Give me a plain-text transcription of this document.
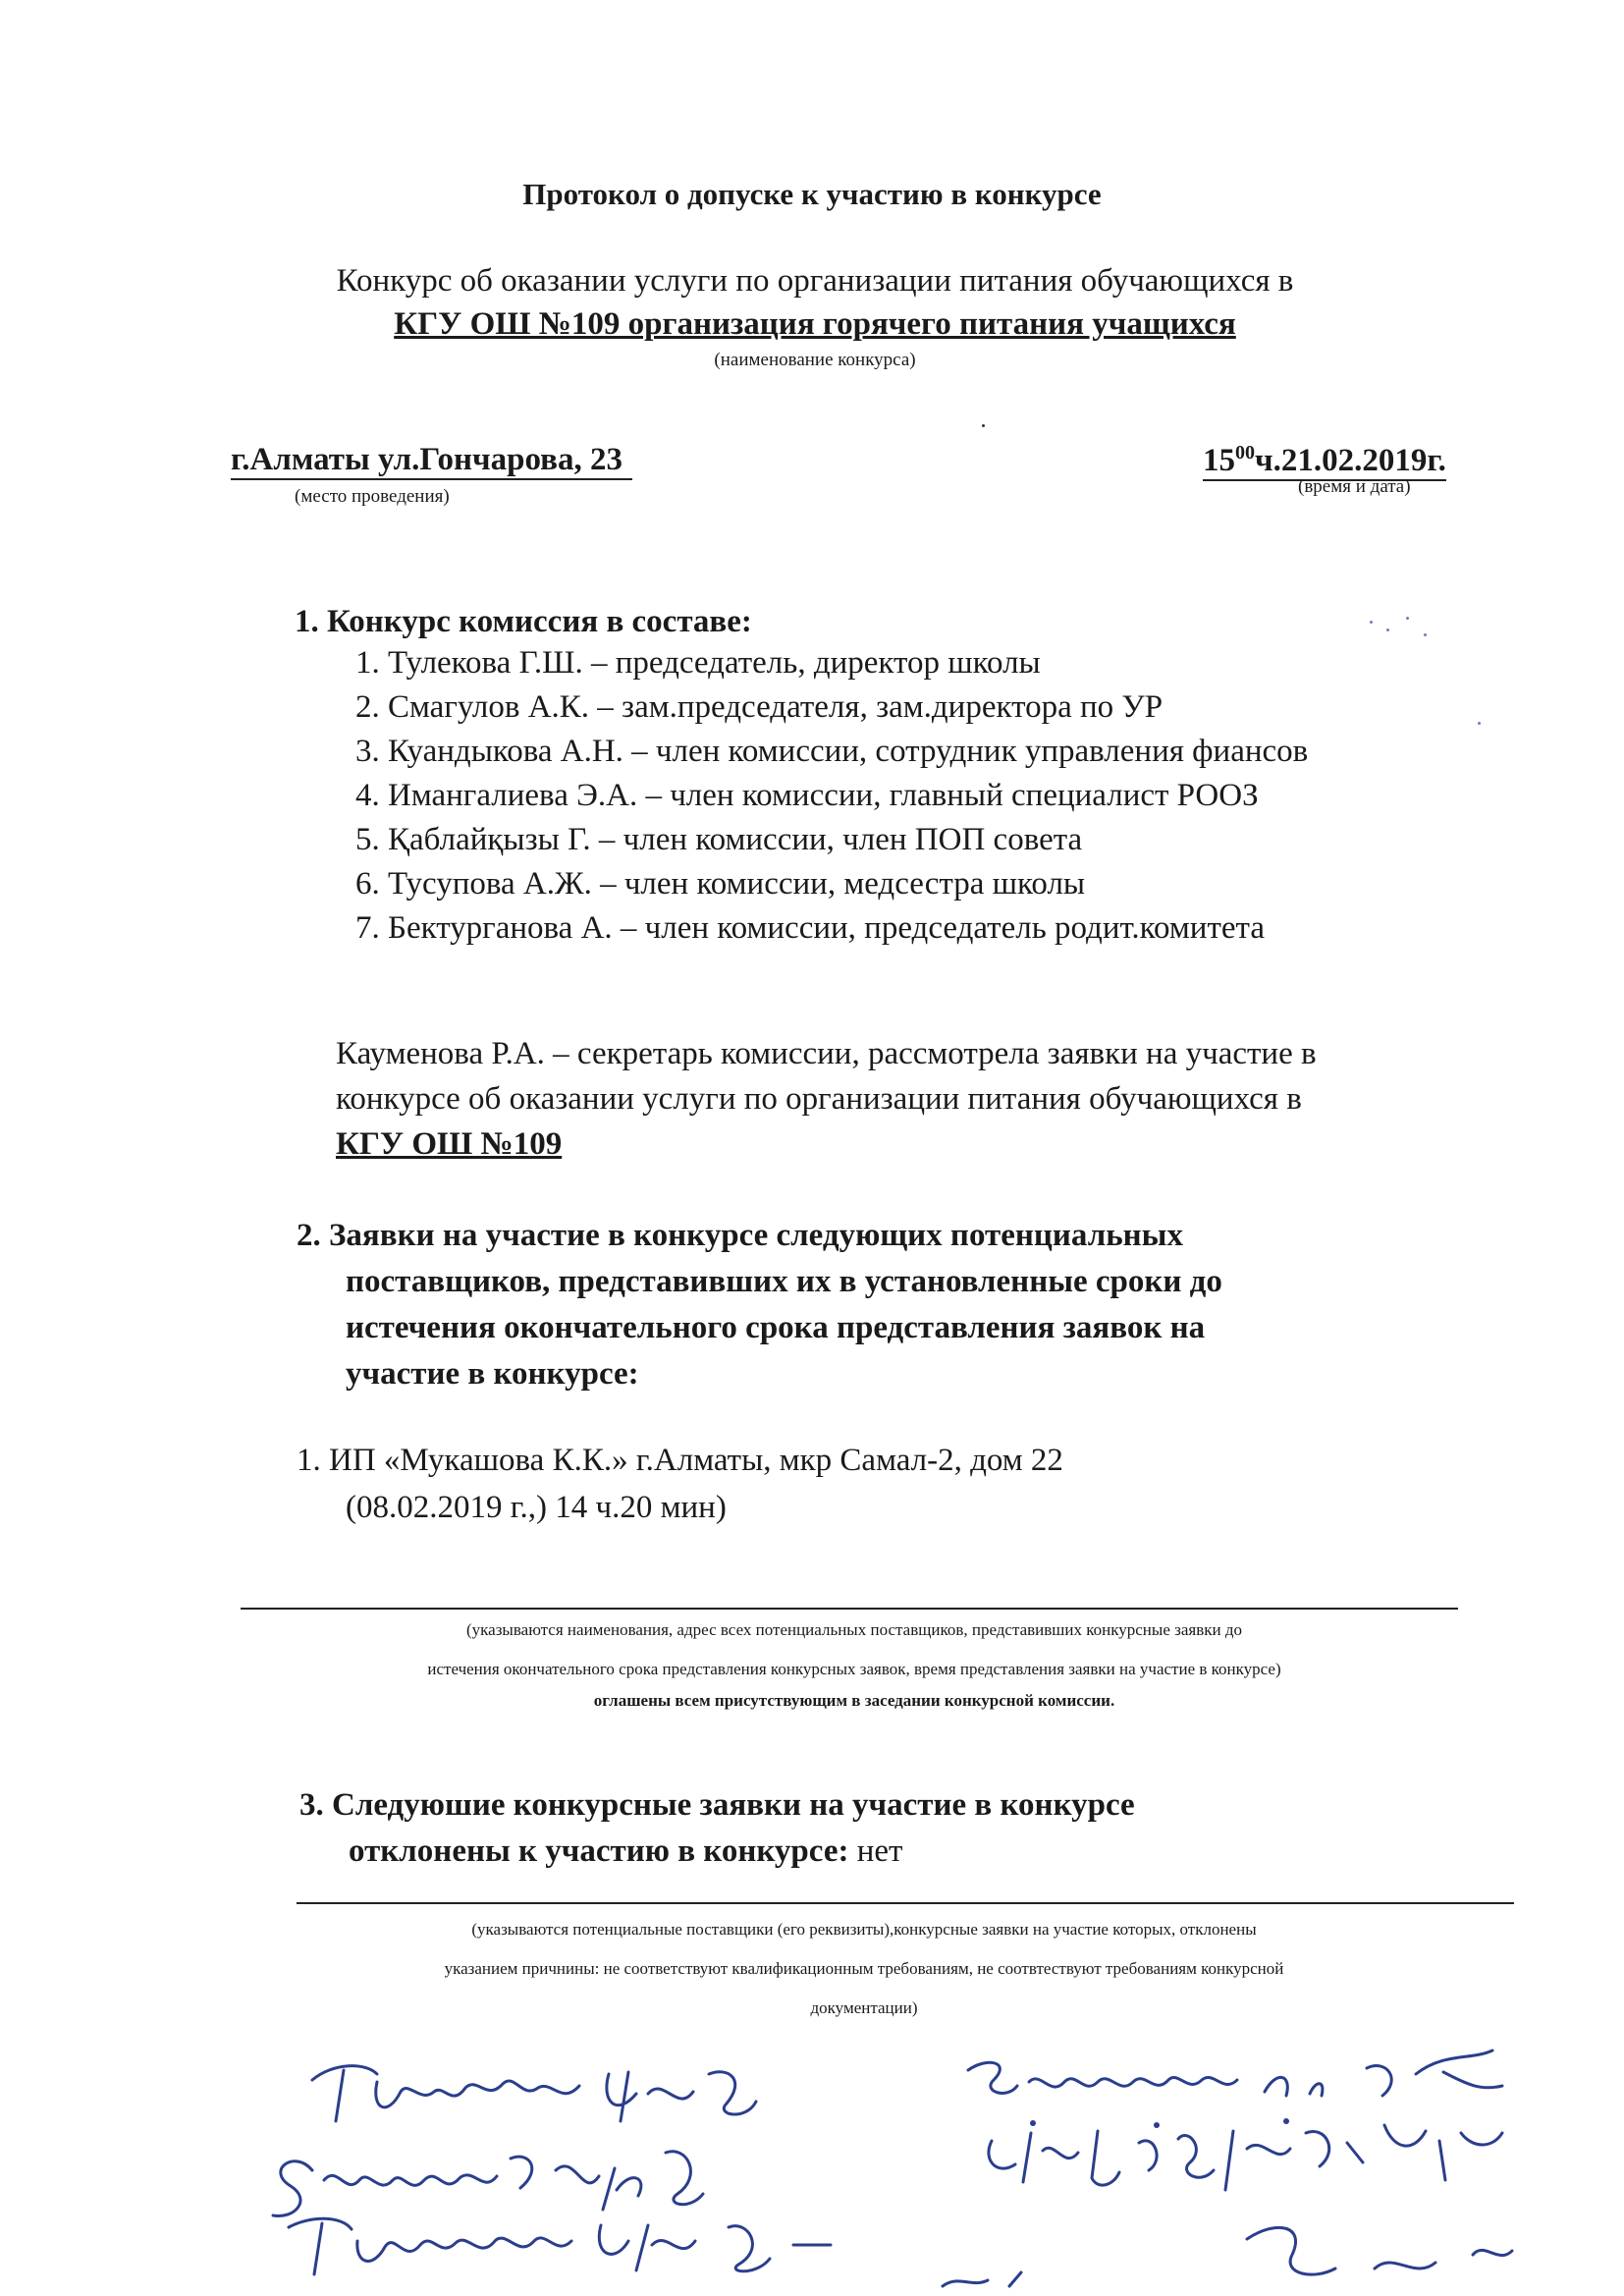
Протокол о допуске к участию в конкурсе
Конкурс об оказании услуги по организации питания обучающихся в
КГУ ОШ №109 организация горячего питания учащихся
(наименование конкурса)
г.Алматы ул.Гончарова, 23
(место проведения)
$15^{00}ч.21.02.2019г$.
(время и дата)
1. Конкурс комиссия в составе:
1. Тулекова Г.Ш. – председатель, директор школы
2. Смагулов А.К. – зам.председателя, зам.директора по УР
3. Куандыкова А.Н. – член комиссии, сотрудник управления фианcов
4. Имангалиева Э.А. – член комиссии, главный специалист РООЗ
5. Қаблайқызы Г. – член комиссии, член ПОП совета
6. Тусупова А.Ж. – член комиссии, медсестра школы
7. Бектурганова А. – член комиссии, председатель родит.комитета
Кауменова Р.А. – секретарь комиссии, рассмотрела заявки на участие в
конкурсе об оказании услуги по организации питания обучающихся в
КГУ ОШ №109
2. Заявки на участие в конкурсе следующих потенциальных
поставщиков, представивших их в установленные сроки до
истечения окончательного срока представления заявок на
участие в конкурсе:
1. ИП «Мукашова К.К.» г.Алматы, мкр Самал-2, дом 22
(08.02.2019 г.,) 14 ч.20 мин)
(указываются наименования, адрес всех потенциальных поставщиков, представивших конкурсные заявки до
истечения окончательного срока представления конкурсных заявок, время представления заявки на участие в конкурсе)
оглашены всем присутствующим в заседании конкурсной комиссии.
3. Следуюшие конкурсные заявки на участие в конкурсе
отклонены к участию в конкурсе: нет
(указываются потенциальные поставщики (его реквизиты),конкурсные заявки на участие которых, отклонены
указанием причнины: не соответствуют квалификационным требованиям, не соотвтествуют требованиям конкурсной
документации)
